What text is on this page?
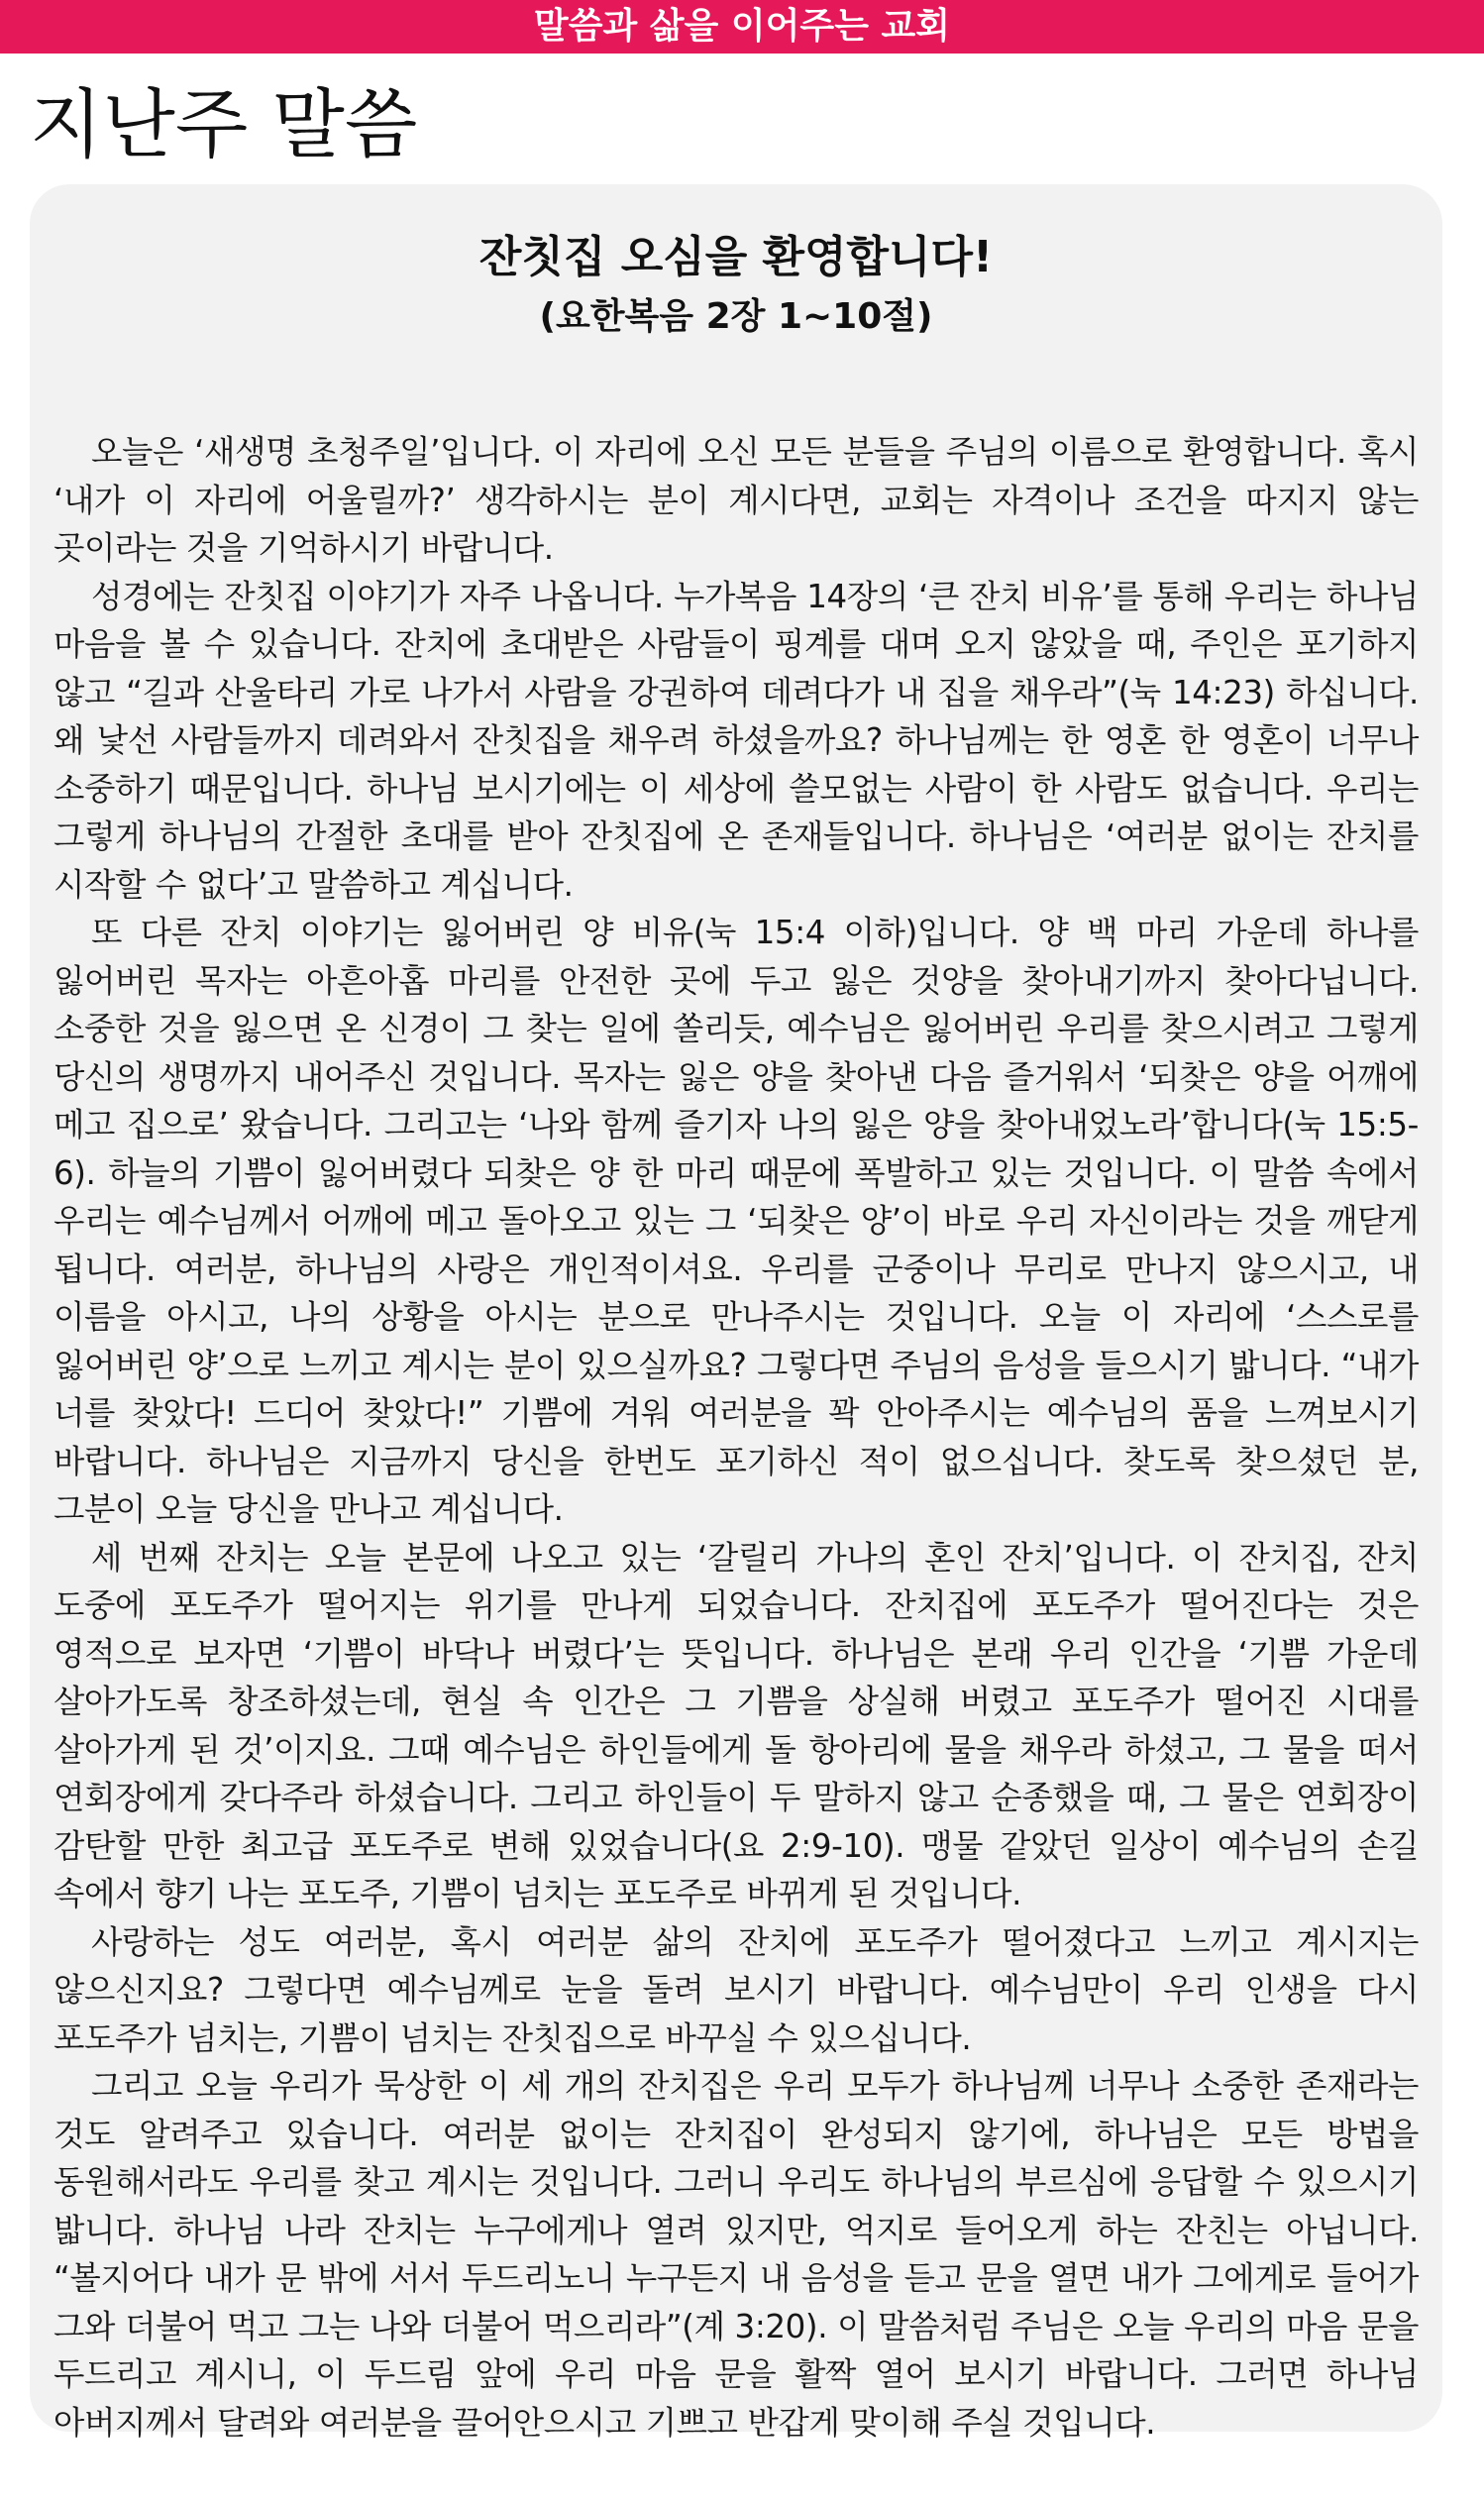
말씀과 삶을 이어주는 교회
지난주 말씀
잔칫집 오심을 환영합니다!

(요한복음 2장 1~10절)

오늘은 ‘새생명 초청주일’입니다. 이 자리에 오신 모든 분들을 주님의 이름으로 환영합니다. 혹시 ‘내가 이 자리에 어울릴까?’ 생각하시는 분이 계시다면, 교회는 자격이나 조건을 따지지 않는 곳이라는 것을 기억하시기 바랍니다.

성경에는 잔칫집 이야기가 자주 나옵니다. 누가복음 14장의 ‘큰 잔치 비유’를 통해 우리는 하나님 마음을 볼 수 있습니다. 잔치에 초대받은 사람들이 핑계를 대며 오지 않았을 때, 주인은 포기하지 않고 “길과 산울타리 가로 나가서 사람을 강권하여 데려다가 내 집을 채우라”(눅 14:23) 하십니다. 왜 낯선 사람들까지 데려와서 잔칫집을 채우려 하셨을까요? 하나님께는 한 영혼 한 영혼이 너무나 소중하기 때문입니다. 하나님 보시기에는 이 세상에 쓸모없는 사람이 한 사람도 없습니다. 우리는 그렇게 하나님의 간절한 초대를 받아 잔칫집에 온 존재들입니다. 하나님은 ‘여러분 없이는 잔치를 시작할 수 없다’고 말씀하고 계십니다.

또 다른 잔치 이야기는 잃어버린 양 비유(눅 15:4 이하)입니다. 양 백 마리 가운데 하나를 잃어버린 목자는 아흔아홉 마리를 안전한 곳에 두고 잃은 것양을 찾아내기까지 찾아다닙니다. 소중한 것을 잃으면 온 신경이 그 찾는 일에 쏠리듯, 예수님은 잃어버린 우리를 찾으시려고 그렇게 당신의 생명까지 내어주신 것입니다. 목자는 잃은 양을 찾아낸 다음 즐거워서 ‘되찾은 양을 어깨에 메고 집으로’ 왔습니다. 그리고는 ‘나와 함께 즐기자 나의 잃은 양을 찾아내었노라’합니다(눅 15:5-6). 하늘의 기쁨이 잃어버렸다 되찾은 양 한 마리 때문에 폭발하고 있는 것입니다. 이 말씀 속에서 우리는 예수님께서 어깨에 메고 돌아오고 있는 그 ‘되찾은 양’이 바로 우리 자신이라는 것을 깨닫게 됩니다. 여러분, 하나님의 사랑은 개인적이셔요. 우리를 군중이나 무리로 만나지 않으시고, 내 이름을 아시고, 나의 상황을 아시는 분으로 만나주시는 것입니다. 오늘 이 자리에 ‘스스로를 잃어버린 양’으로 느끼고 계시는 분이 있으실까요? 그렇다면 주님의 음성을 들으시기 밟니다. “내가 너를 찾았다! 드디어 찾았다!” 기쁨에 겨워 여러분을 꽉 안아주시는 예수님의 품을 느껴보시기 바랍니다. 하나님은 지금까지 당신을 한번도 포기하신 적이 없으십니다. 찾도록 찾으셨던 분, 그분이 오늘 당신을 만나고 계십니다.

세 번째 잔치는 오늘 본문에 나오고 있는 ‘갈릴리 가나의 혼인 잔치’입니다. 이 잔치집, 잔치 도중에 포도주가 떨어지는 위기를 만나게 되었습니다. 잔치집에 포도주가 떨어진다는 것은 영적으로 보자면 ‘기쁨이 바닥나 버렸다’는 뜻입니다. 하나님은 본래 우리 인간을 ‘기쁨 가운데 살아가도록 창조하셨는데, 현실 속 인간은 그 기쁨을 상실해 버렸고 포도주가 떨어진 시대를 살아가게 된 것’이지요. 그때 예수님은 하인들에게 돌 항아리에 물을 채우라 하셨고, 그 물을 떠서 연회장에게 갖다주라 하셨습니다. 그리고 하인들이 두 말하지 않고 순종했을 때, 그 물은 연회장이 감탄할 만한 최고급 포도주로 변해 있었습니다(요 2:9-10). 맹물 같았던 일상이 예수님의 손길 속에서 향기 나는 포도주, 기쁨이 넘치는 포도주로 바뀌게 된 것입니다.

사랑하는 성도 여러분, 혹시 여러분 삶의 잔치에 포도주가 떨어졌다고 느끼고 계시지는 않으신지요? 그렇다면 예수님께로 눈을 돌려 보시기 바랍니다. 예수님만이 우리 인생을 다시 포도주가 넘치는, 기쁨이 넘치는 잔칫집으로 바꾸실 수 있으십니다.

그리고 오늘 우리가 묵상한 이 세 개의 잔치집은 우리 모두가 하나님께 너무나 소중한 존재라는 것도 알려주고 있습니다. 여러분 없이는 잔치집이 완성되지 않기에, 하나님은 모든 방법을 동원해서라도 우리를 찾고 계시는 것입니다. 그러니 우리도 하나님의 부르심에 응답할 수 있으시기 밟니다. 하나님 나라 잔치는 누구에게나 열려 있지만, 억지로 들어오게 하는 잔친는 아닙니다. “볼지어다 내가 문 밖에 서서 두드리노니 누구든지 내 음성을 듣고 문을 열면 내가 그에게로 들어가 그와 더불어 먹고 그는 나와 더불어 먹으리라”(계 3:20). 이 말씀처럼 주님은 오늘 우리의 마음 문을 두드리고 계시니, 이 두드림 앞에 우리 마음 문을 활짝 열어 보시기 바랍니다. 그러면 하나님 아버지께서 달려와 여러분을 끌어안으시고 기쁘고 반갑게 맞이해 주실 것입니다.
